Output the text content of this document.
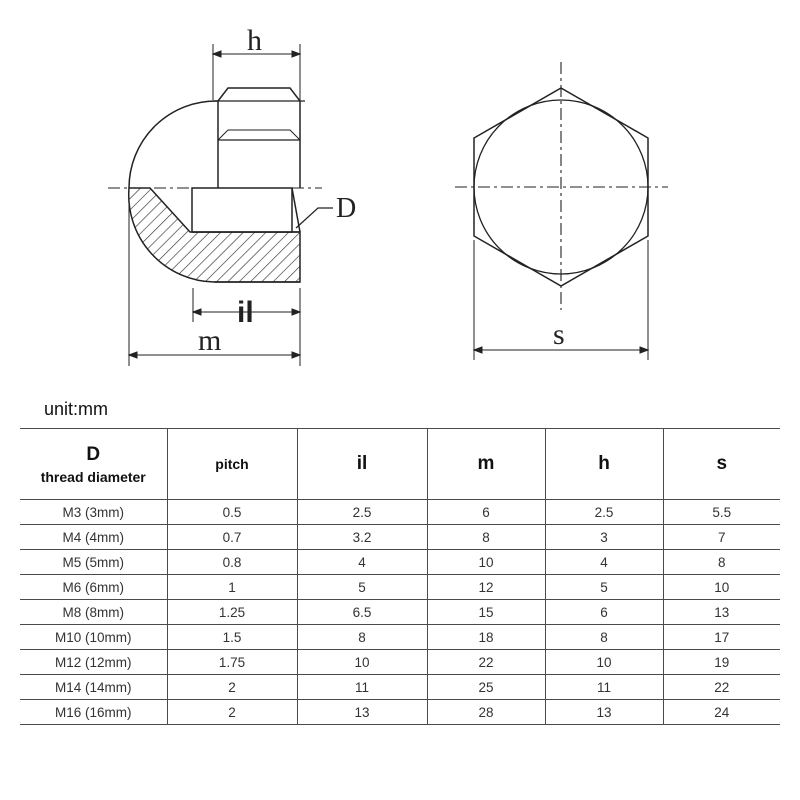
h
D
il
m	s
unit:mm
D
thread diameter	pitch	il	m	h	s
M3 (3mm)	0.5	2.5	6	2.5	5.5
M4 (4mm)	0.7	3.2	8	3	7
M5 (5mm)	0.8	4	10	4	8
M6 (6mm)	1	5	12	5	10
M8 (8mm)	1.25	6.5	15	6	13
M10 (10mm)	1.5	8	18	8	17
M12 (12mm)	1.75	10	22	10	19
M14 (14mm)	2	11	25	11	22
M16 (16mm)	2	13	28	13	24
